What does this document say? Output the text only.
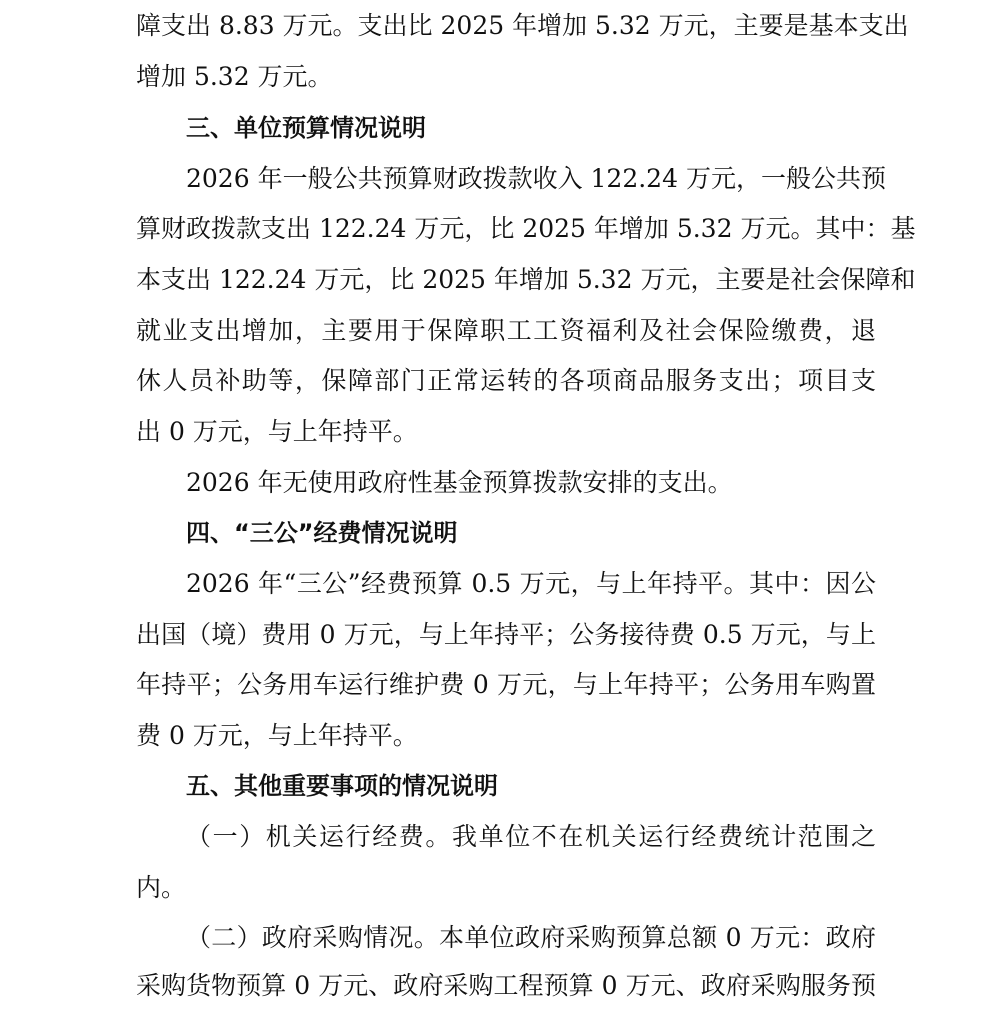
障支出 8.83 万元。支出比 2025 年增加 5.32 万元，主要是基本支出
增加 5.32 万元。
三、单位预算情况说明
2026 年一般公共预算财政拨款收入 122.24 万元，一般公共预
算财政拨款支出 122.24 万元，比 2025 年增加 5.32 万元。其中：基
本支出 122.24 万元，比 2025 年增加 5.32 万元，主要是社会保障和
就业支出增加，主要用于保障职工工资福利及社会保险缴费，退
休人员补助等，保障部门正常运转的各项商品服务支出；项目支
出 0 万元，与上年持平。
2026 年无使用政府性基金预算拨款安排的支出。
四、“三公”经费情况说明
2026 年“三公”经费预算 0.5 万元，与上年持平。其中：因公
出国（境）费用 0 万元，与上年持平；公务接待费 0.5 万元，与上
年持平；公务用车运行维护费 0 万元，与上年持平；公务用车购置
费 0 万元，与上年持平。
五、其他重要事项的情况说明
（一）机关运行经费。我单位不在机关运行经费统计范围之
内。
（二）政府采购情况。本单位政府采购预算总额 0 万元：政府
采购货物预算 0 万元、政府采购工程预算 0 万元、政府采购服务预
